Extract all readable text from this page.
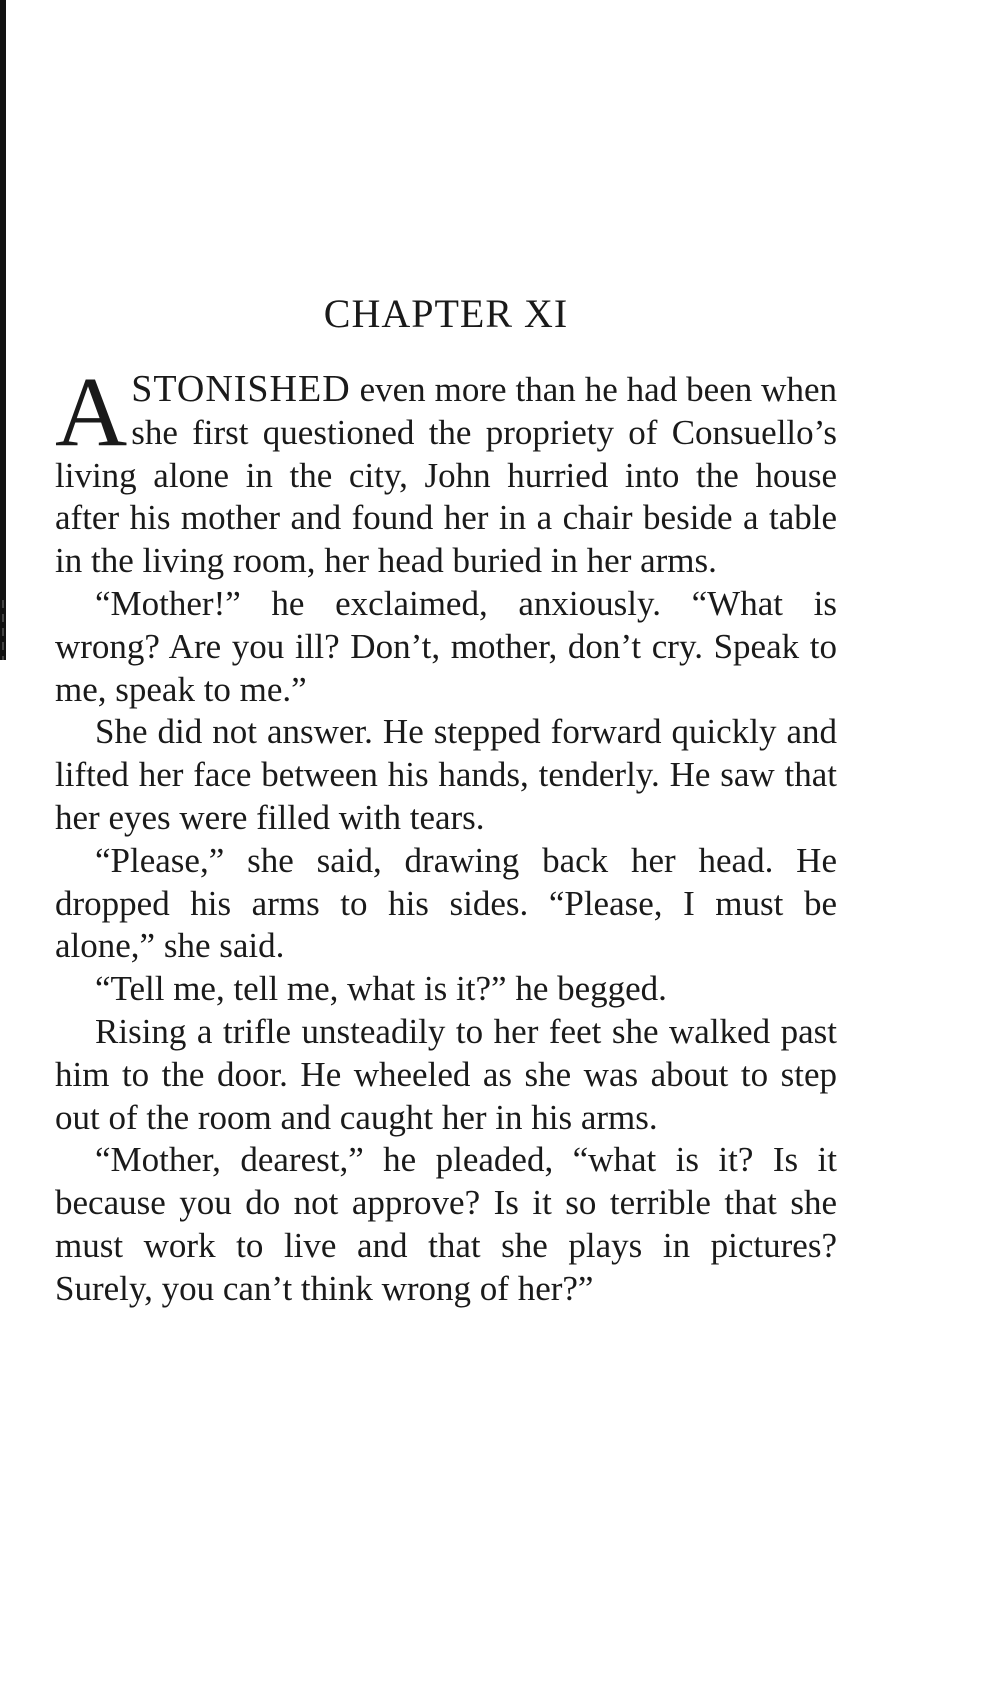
CHAPTER XI

ASTONISHED even more than he had been when she first questioned the propriety of Consuello’s living alone in the city, John hurried into the house after his mother and found her in a chair beside a table in the living room, her head buried in her arms.

“Mother!” he exclaimed, anxiously. “What is wrong? Are you ill? Don’t, mother, don’t cry. Speak to me, speak to me.”

She did not answer. He stepped forward quickly and lifted her face between his hands, tenderly. He saw that her eyes were filled with tears.

“Please,” she said, drawing back her head. He dropped his arms to his sides. “Please, I must be alone,” she said.

“Tell me, tell me, what is it?” he begged.

Rising a trifle unsteadily to her feet she walked past him to the door. He wheeled as she was about to step out of the room and caught her in his arms.

“Mother, dearest,” he pleaded, “what is it? Is it because you do not approve? Is it so terrible that she must work to live and that she plays in pictures? Surely, you can’t think wrong of her?”
